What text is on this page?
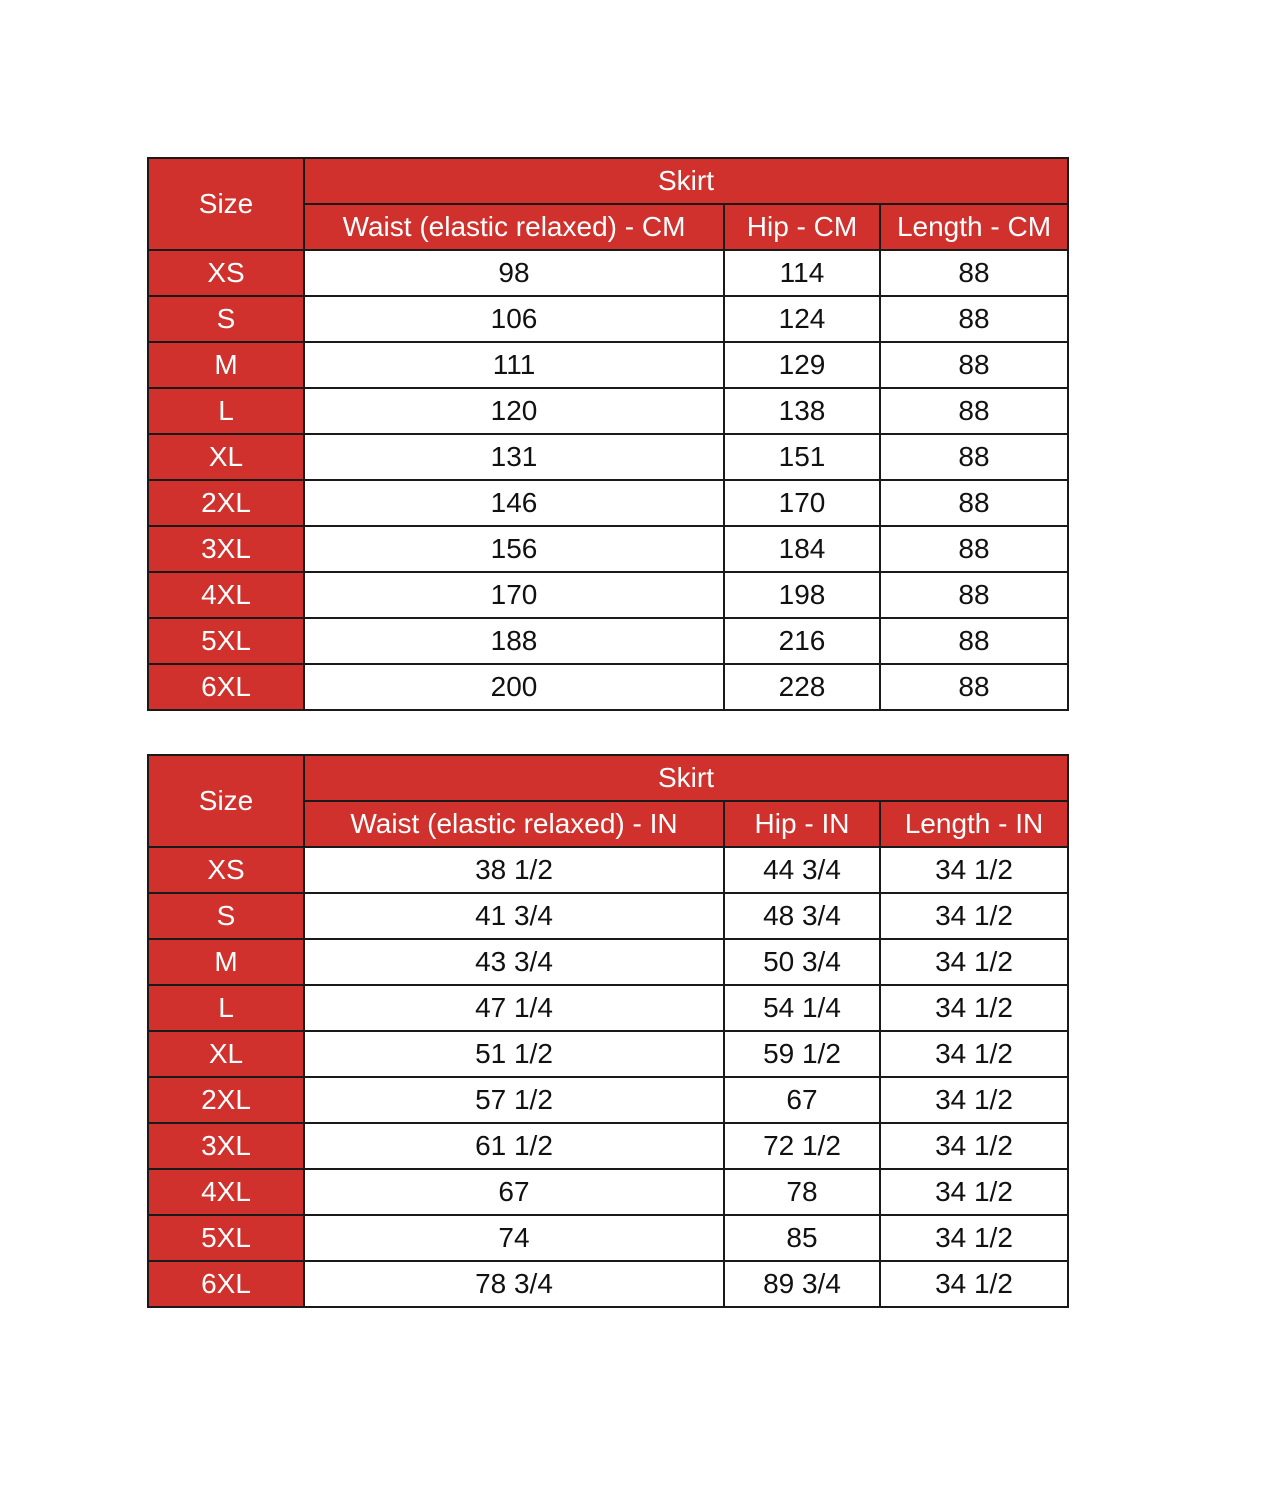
Size	Skirt		
	Waist (elastic relaxed) - CM	Hip - CM	Length - CM
XS	98	114	88
S	106	124	88
M	111	129	88
L	120	138	88
XL	131	151	88
2XL	146	170	88
3XL	156	184	88
4XL	170	198	88
5XL	188	216	88
6XL	200	228	88
Size	Skirt		
	Waist (elastic relaxed) - IN	Hip - IN	Length - IN
XS	38 1/2	44 3/4	34 1/2
S	41 3/4	48 3/4	34 1/2
M	43 3/4	50 3/4	34 1/2
L	47 1/4	54 1/4	34 1/2
XL	51 1/2	59 1/2	34 1/2
2XL	57 1/2	67	34 1/2
3XL	61 1/2	72 1/2	34 1/2
4XL	67	78	34 1/2
5XL	74	85	34 1/2
6XL	78 3/4	89 3/4	34 1/2
